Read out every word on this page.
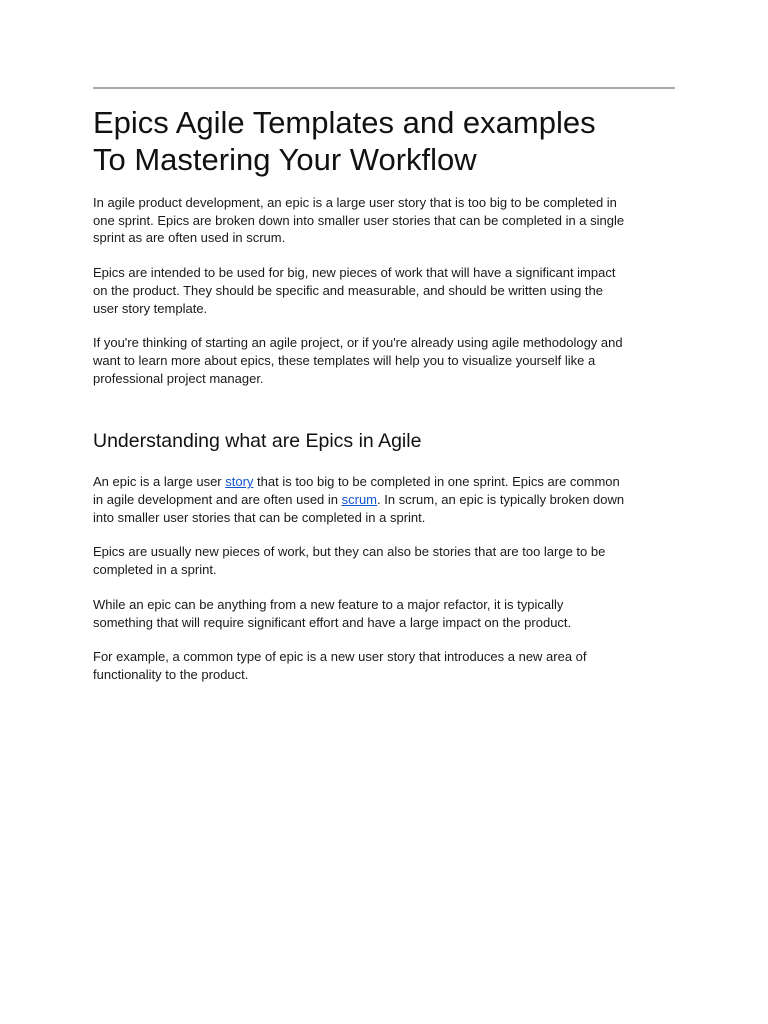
Epics Agile Templates and examples
To Mastering Your Workflow

In agile product development, an epic is a large user story that is too big to be completed in
one sprint. Epics are broken down into smaller user stories that can be completed in a single
sprint as are often used in scrum.

Epics are intended to be used for big, new pieces of work that will have a significant impact
on the product. They should be specific and measurable, and should be written using the
user story template.

If you're thinking of starting an agile project, or if you're already using agile methodology and
want to learn more about epics, these templates will help you to visualize yourself like a
professional project manager.

Understanding what are Epics in Agile

An epic is a large user story that is too big to be completed in one sprint. Epics are common
in agile development and are often used in scrum. In scrum, an epic is typically broken down
into smaller user stories that can be completed in a sprint.

Epics are usually new pieces of work, but they can also be stories that are too large to be
completed in a sprint.

While an epic can be anything from a new feature to a major refactor, it is typically
something that will require significant effort and have a large impact on the product.

For example, a common type of epic is a new user story that introduces a new area of
functionality to the product.
